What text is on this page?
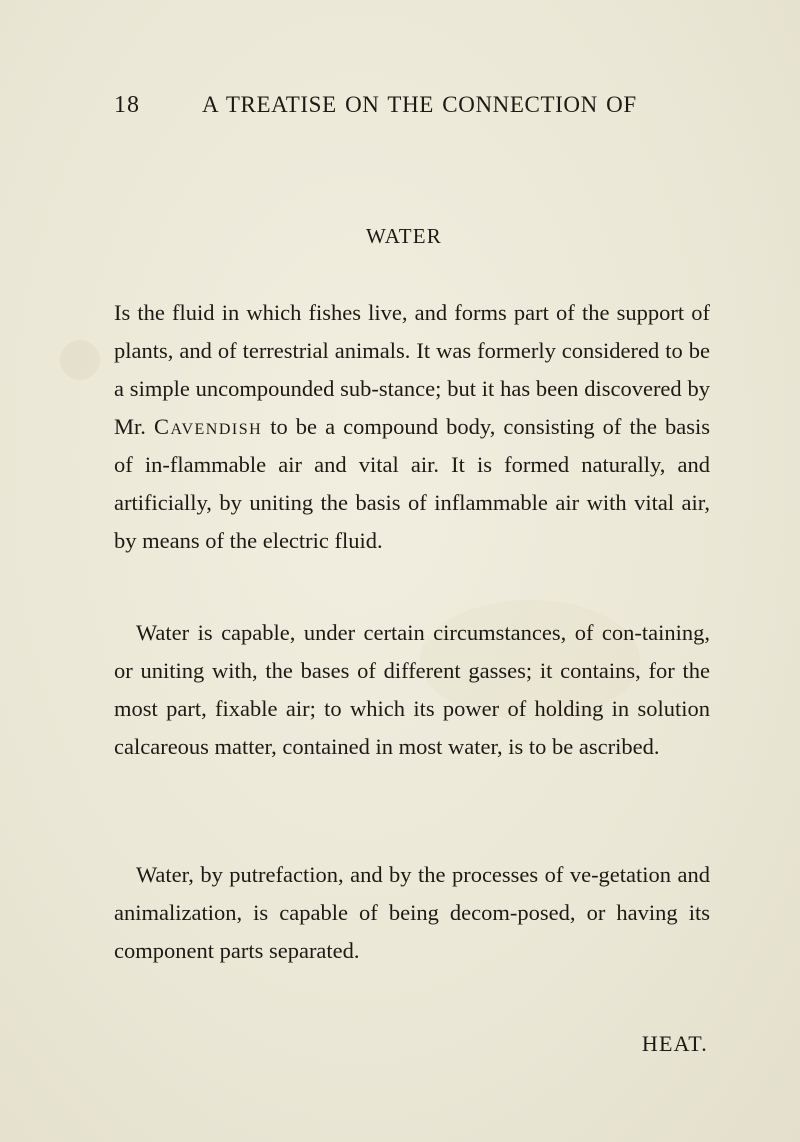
18	A TREATISE ON THE CONNECTION OF
WATER

Is the fluid in which fishes live, and forms part of the support of plants, and of terrestrial animals. It was formerly considered to be a simple uncompounded sub-stance; but it has been discovered by Mr. Cavendish to be a compound body, consisting of the basis of in-flammable air and vital air. It is formed naturally, and artificially, by uniting the basis of inflammable air with vital air, by means of the electric fluid.

Water is capable, under certain circumstances, of con-taining, or uniting with, the bases of different gasses; it contains, for the most part, fixable air; to which its power of holding in solution calcareous matter, contained in most water, is to be ascribed.

Water, by putrefaction, and by the processes of ve-getation and animalization, is capable of being decom-posed, or having its component parts separated.

HEAT.
